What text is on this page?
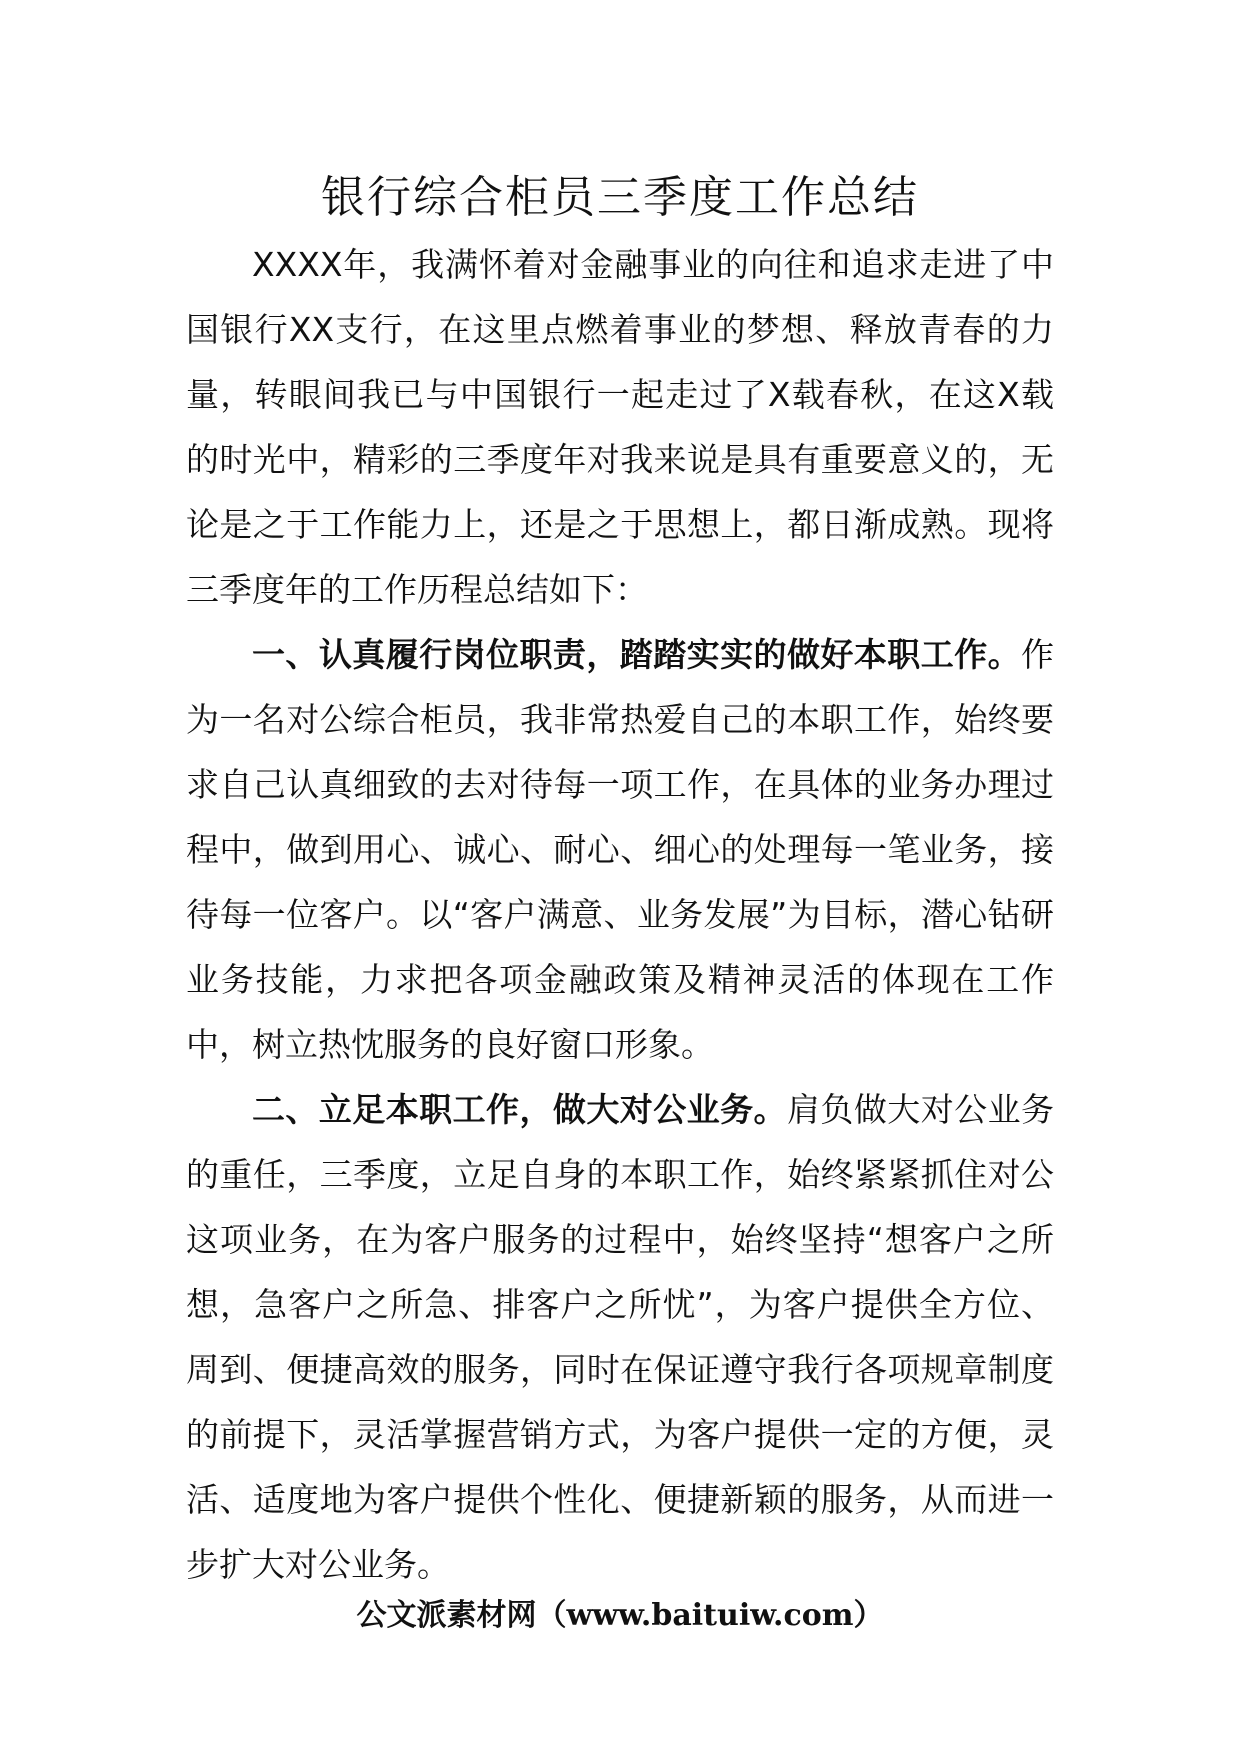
银行综合柜员三季度工作总结

XXXX年，我满怀着对金融事业的向往和追求走进了中国银行XX支行，在这里点燃着事业的梦想、释放青春的力量，转眼间我已与中国银行一起走过了X载春秋，在这X载的时光中，精彩的三季度年对我来说是具有重要意义的，无论是之于工作能力上，还是之于思想上，都日渐成熟。现将三季度年的工作历程总结如下：

一、认真履行岗位职责，踏踏实实的做好本职工作。作为一名对公综合柜员，我非常热爱自己的本职工作，始终要求自己认真细致的去对待每一项工作，在具体的业务办理过程中，做到用心、诚心、耐心、细心的处理每一笔业务，接待每一位客户。以“客户满意、业务发展”为目标，潜心钻研业务技能，力求把各项金融政策及精神灵活的体现在工作中，树立热忱服务的良好窗口形象。

二、立足本职工作，做大对公业务。肩负做大对公业务的重任，三季度，立足自身的本职工作，始终紧紧抓住对公这项业务，在为客户服务的过程中，始终坚持“想客户之所想，急客户之所急、排客户之所忧”，为客户提供全方位、周到、便捷高效的服务，同时在保证遵守我行各项规章制度的前提下，灵活掌握营销方式，为客户提供一定的方便，灵活、适度地为客户提供个性化、便捷新颖的服务，从而进一步扩大对公业务。

公文派素材网（www.baituiw.com）
